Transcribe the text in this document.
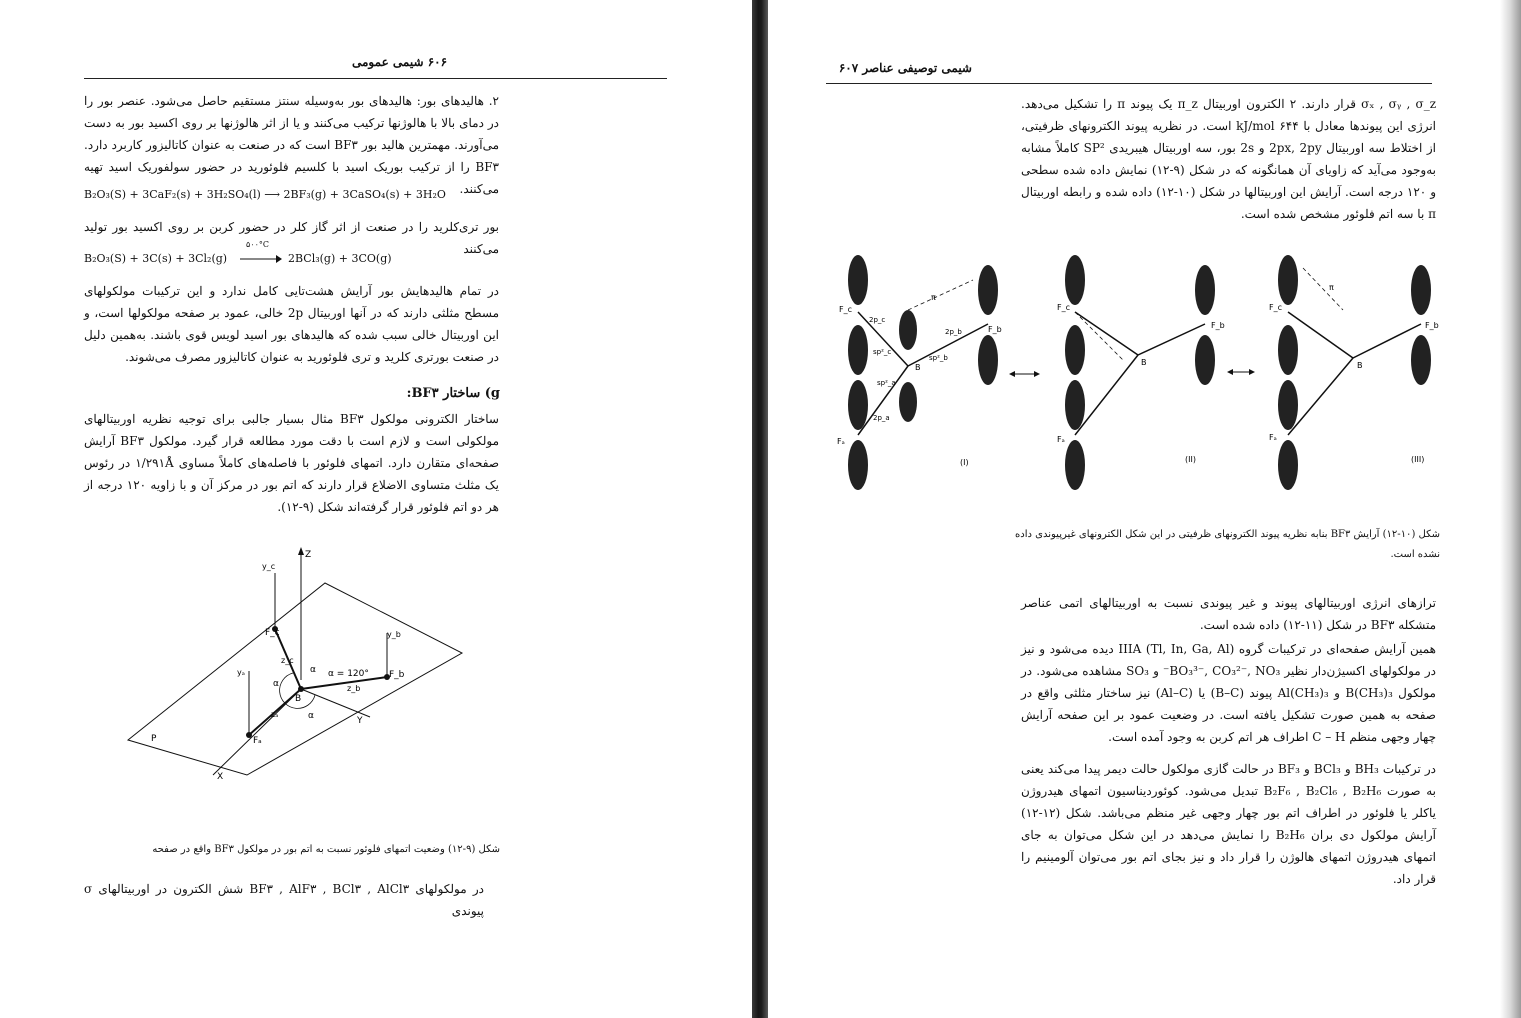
۶۰۶ شیمی عمومی
۲. هالیدهای بور: هالیدهای بور به‌وسیله سنتز مستقیم حاصل می‌شود. عنصر بور را در دمای بالا با هالوژنها ترکیب می‌کنند و یا از اثر هالوژنها بر روی اکسید بور به دست می‌آورند. مهمترین هالید بور BF۳ است که در صنعت به عنوان کاتالیزور کاربرد دارد. BF۳ را از ترکیب بوریک اسید با کلسیم فلوئورید در حضور سولفوریک اسید تهیه می‌کنند.
B₂O₃(S) + 3CaF₂(s) + 3H₂SO₄(l) ⟶ 2BF₃(g) + 3CaSO₄(s) + 3H₂O
بور تری‌کلرید را در صنعت از اثر گاز کلر در حضور کربن بر روی اکسید بور تولید می‌کنند
B₂O₃(S) + 3C(s) + 3Cl₂(g)
۵۰۰°C
→ 2BCl₃(g) + 3CO(g)
در تمام هالیدهایش بور آرایش هشت‌تایی کامل ندارد و این ترکیبات مولکولهای مسطح مثلثی دارند که در آنها اوربیتال 2p خالی، عمود بر صفحه مولکولها است، و این اوربیتال خالی سبب شده که هالیدهای بور اسید لویس قوی باشند. به‌همین دلیل در صنعت بورتری کلرید و تری فلوئورید به عنوان کاتالیزور مصرف می‌شوند.
g) ساختار BF۳:
ساختار الکترونی مولکول BF۳ مثال بسیار جالبی برای توجیه نظریه اوربیتالهای مولکولی است و لازم است با دقت مورد مطالعه قرار گیرد. مولکول BF۳ آرایش صفحه‌ای متقارن دارد. اتمهای فلوئور با فاصله‌های کاملاً مساوی ۱/۲۹۱Å در رئوس یک مثلث متساوی الاضلاع قرار دارند که اتم بور در مرکز آن و با زاویه ۱۲۰ درجه از هر دو اتم فلوئور قرار گرفته‌اند شکل (۹-۱۲).
Z
X
Y
P
B
F_c
F_b
Fₐ
y_c
y_b
yₐ
z_c
z_b
zₐ
α
α
α
α = 120°
شکل (۹-۱۲) وضعیت اتمهای فلوئور نسبت به اتم بور در مولکول BF۳ واقع در صفحه
در مولکولهای BF۳ , AlF۳ , BCl۳ , AlCl۳ شش الکترون در اوربیتالهای σ پیوندی
شیمی توصیفی عناصر ۶۰۷
σₓ , σᵧ , σ_z قرار دارند. ۲ الکترون اوربیتال π_z یک پیوند π را تشکیل می‌دهد. انرژی این پیوندها معادل با ۶۴۴ kJ/mol است. در نظریه پیوند الکترونهای ظرفیتی، از اختلاط سه اوربیتال 2px, 2py و 2s بور، سه اوربیتال هیبریدی SP² کاملاً مشابه به‌وجود می‌آید که زاویای آن همانگونه که در شکل (۹-۱۲) نمایش داده شده سطحی و ۱۲۰ درجه است. آرایش این اوربیتالها در شکل (۱۰-۱۲) داده شده و رابطه اوربیتال π با سه اتم فلوئور مشخص شده است.
π
F_c
F_b
Fₐ
B
2p_c
sp²_c
2p_b
sp²_b
sp²_a
2p_a
(I)
F_c
F_b
Fₐ
B
(II)
π
F_c
F_b
Fₐ
B
(III)
شکل (۱۰-۱۲) آرایش BF۳ بنابه نظریه پیوند الکترونهای ظرفیتی در این شکل الکترونهای غیرپیوندی داده نشده است.
ترازهای انرژی اوربیتالهای پیوند و غیر پیوندی نسبت به اوربیتالهای اتمی عناصر متشکله BF۳ در شکل (۱۱-۱۲) داده شده است.
همین آرایش صفحه‌ای در ترکیبات گروه IIIA (Tl, In, Ga, Al) دیده می‌شود و نیز در مولکولهای اکسیژن‌دار نظیر BO₃³⁻, CO₃²⁻, NO₃⁻ و SO₃ مشاهده می‌شود. در مولکول B(CH₃)₃ و Al(CH₃)₃ پیوند (B–C) یا (Al–C) نیز ساختار مثلثی واقع در صفحه به همین صورت تشکیل یافته است. در وضعیت عمود بر این صفحه آرایش چهار وجهی منظم C – H اطراف هر اتم کربن به وجود آمده است.
در ترکیبات BH₃ و BCl₃ و BF₃ در حالت گازی مولکول حالت دیمر پیدا می‌کند یعنی به صورت B₂F₆ , B₂Cl₆ , B₂H₆ تبدیل می‌شود. کوئوردیناسیون اتمهای هیدروژن یاکلر یا فلوئور در اطراف اتم بور چهار وجهی غیر منظم می‌باشد. شکل (۱۲-۱۲) آرایش مولکول دی بران B₂H₆ را نمایش می‌دهد در این شکل می‌توان به جای اتمهای هیدروژن اتمهای هالوژن را قرار داد و نیز بجای اتم بور می‌توان آلومینیم را قرار داد.
